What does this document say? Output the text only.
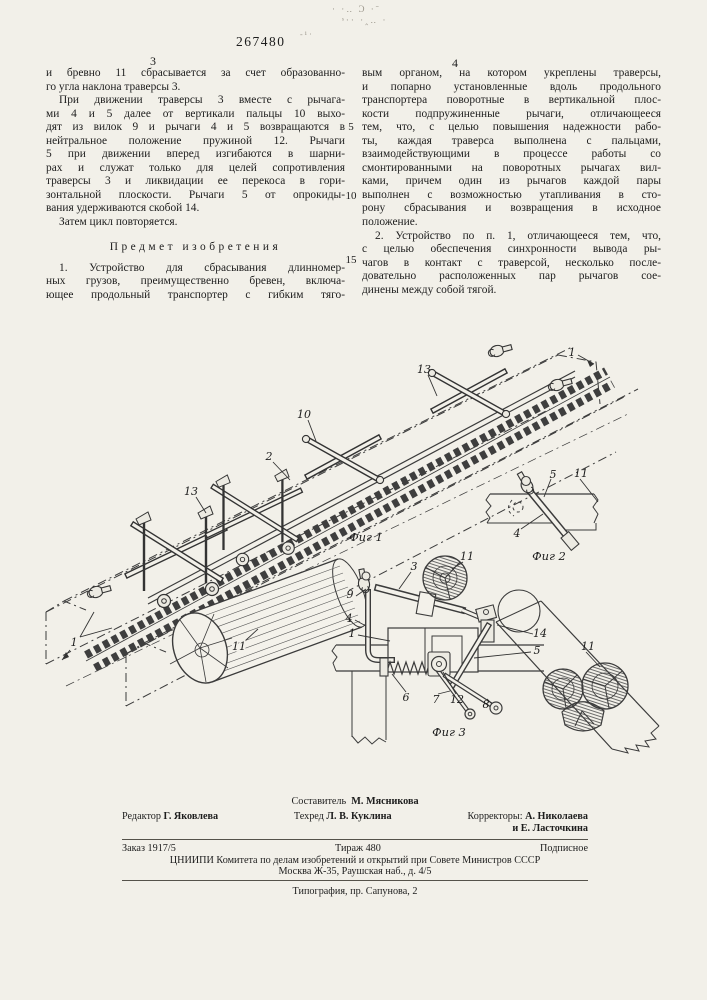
· ·‥ Ͻ ·ˉ
ˢ·· ·‸‥ ·
-¹·
267480
3	4
и бревно 11 сбрасывается за счет образованно-
го угла наклона траверсы 3.
При движении траверсы 3 вместе с рычага-
ми 4 и 5 далее от вертикали пальцы 10 выхо-
дят из вилок 9 и рычаги 4 и 5 возвращаются в
нейтральное положение пружиной 12. Рычаги
5 при движении вперед изгибаются в шарни-
рах и служат только для целей сопротивления
траверсы 3 и ликвидации ее перекоса в гори-
зонтальной плоскости. Рычаги 5 от опрокиды-
вания удерживаются скобой 14.
Затем цикл повторяется.
Предмет изобретения
1. Устройство для сбрасывания длинномер-
ных грузов, преимущественно бревен, включа-
ющее продольный транспортер с гибким тяго-
вым органом, на котором укреплены траверсы,
и попарно установленные вдоль продольного
транспортера поворотные в вертикальной плос-
кости подпружиненные рычаги, отличающееся
тем, что, с целью повышения надежности рабо-
ты, каждая траверса выполнена с пальцами,
взаимодействующими в процессе работы со
смонтированными на поворотных рычагах вил-
ками, причем один из рычагов каждой пары
выполнен с возможностью утапливания в сто-
рону сбрасывания и возвращения в исходное
положение.
2. Устройство по п. 1, отличающееся тем, что,
с целью обеспечения синхронности вывода ры-
чагов в контакт с траверсой, несколько после-
довательно расположенных пар рычагов сое-
динены между собой тягой.
5
10
15
1
13
10
2
13
11
1
Фиг 1
5 11
4
Фиг 2
3
11
9
4
1	14
5	11
6 7 12 8
Фиг 3
Составитель М. Мясникова
Редактор Г. Яковлева	Техред Л. В. Куклина	Корректоры: А. Николаева
и Е. Ласточкина
Заказ 1917/5	Тираж 480	Подписное
ЦНИИПИ Комитета по делам изобретений и открытий при Совете Министров СССР
Москва Ж-35, Раушская наб., д. 4/5
Типография, пр. Сапунова, 2
